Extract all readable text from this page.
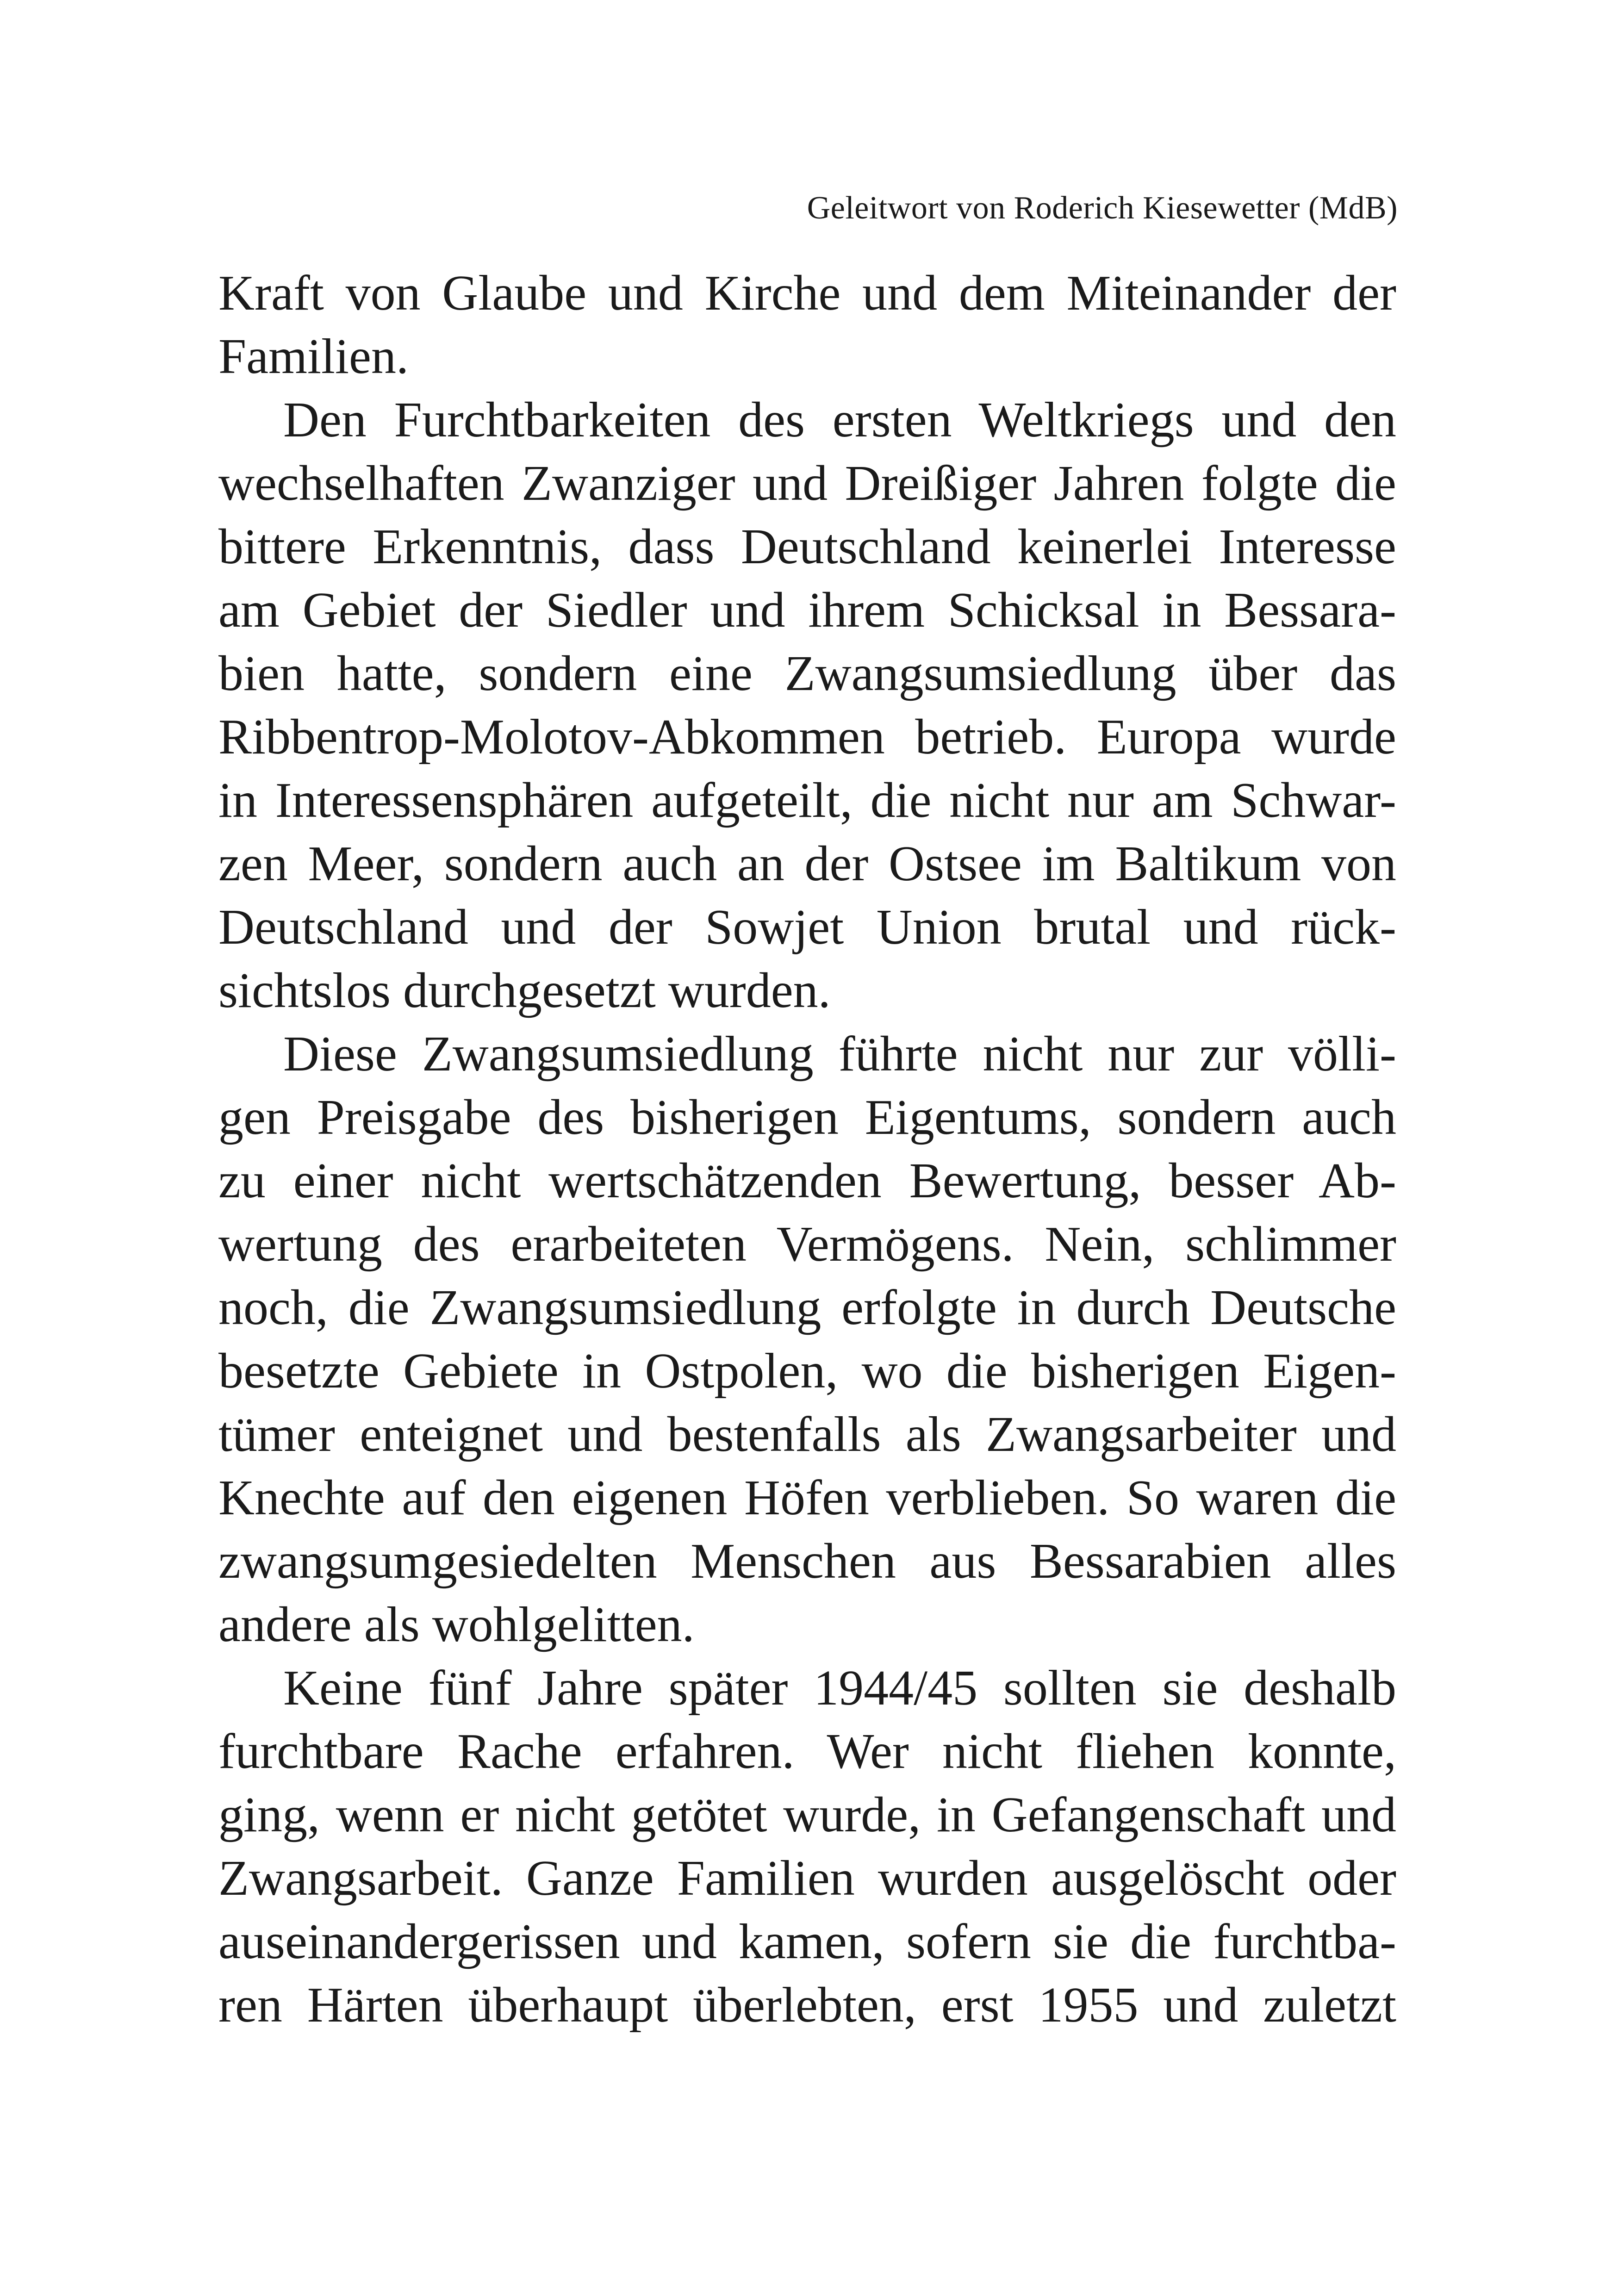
Geleitwort von Roderich Kiesewetter (MdB)
Kraft von Glaube und Kirche und dem Miteinander der
Familien.
Den Furchtbarkeiten des ersten Weltkriegs und den
wechselhaften Zwanziger und Dreißiger Jahren folgte die
bittere Erkenntnis, dass Deutschland keinerlei Interesse
am Gebiet der Siedler und ihrem Schicksal in Bessara-
bien hatte, sondern eine Zwangsumsiedlung über das
Ribbentrop-Molotov-Abkommen betrieb. Europa wurde
in Interessensphären aufgeteilt, die nicht nur am Schwar-
zen Meer, sondern auch an der Ostsee im Baltikum von
Deutschland und der Sowjet Union brutal und rück-
sichtslos durchgesetzt wurden.
Diese Zwangsumsiedlung führte nicht nur zur völli-
gen Preisgabe des bisherigen Eigentums, sondern auch
zu einer nicht wertschätzenden Bewertung, besser Ab-
wertung des erarbeiteten Vermögens. Nein, schlimmer
noch, die Zwangsumsiedlung erfolgte in durch Deutsche
besetzte Gebiete in Ostpolen, wo die bisherigen Eigen-
tümer enteignet und bestenfalls als Zwangsarbeiter und
Knechte auf den eigenen Höfen verblieben. So waren die
zwangsumgesiedelten Menschen aus Bessarabien alles
andere als wohlgelitten.
Keine fünf Jahre später 1944/45 sollten sie deshalb
furchtbare Rache erfahren. Wer nicht fliehen konnte,
ging, wenn er nicht getötet wurde, in Gefangenschaft und
Zwangsarbeit. Ganze Familien wurden ausgelöscht oder
auseinandergerissen und kamen, sofern sie die furchtba-
ren Härten überhaupt überlebten, erst 1955 und zuletzt
